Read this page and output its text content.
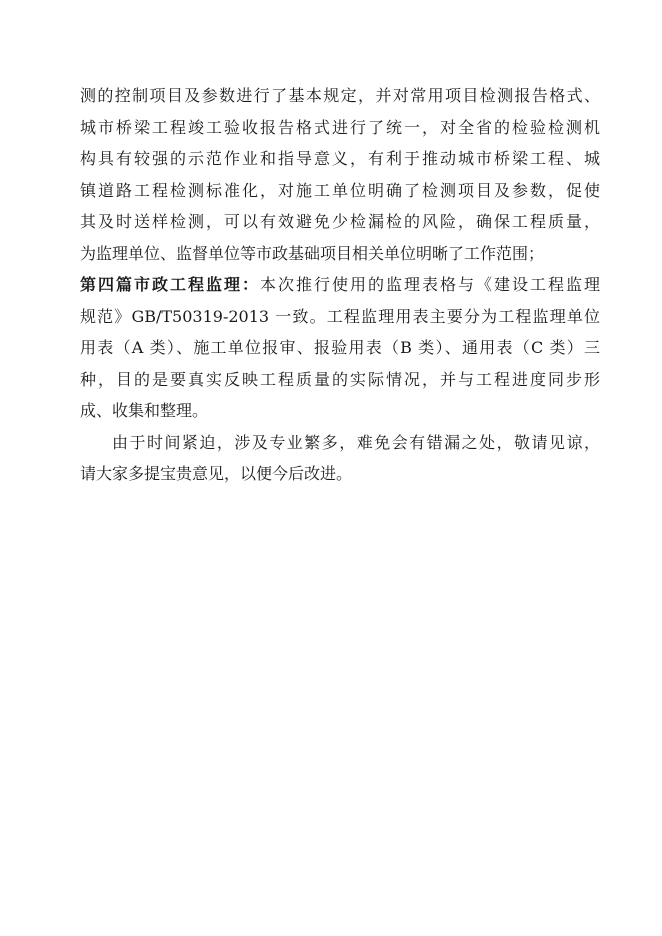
测的控制项目及参数进行了基本规定，并对常用项目检测报告格式、
城市桥梁工程竣工验收报告格式进行了统一，对全省的检验检测机
构具有较强的示范作业和指导意义，有利于推动城市桥梁工程、城
镇道路工程检测标准化，对施工单位明确了检测项目及参数，促使
其及时送样检测，可以有效避免少检漏检的风险，确保工程质量，
为监理单位、监督单位等市政基础项目相关单位明晰了工作范围；
第四篇市政工程监理：本次推行使用的监理表格与《建设工程监理
规范》GB/T50319-2013 一致。工程监理用表主要分为工程监理单位
用表（A 类）、施工单位报审、报验用表（B 类）、通用表（C 类）三
种，目的是要真实反映工程质量的实际情况，并与工程进度同步形
成、收集和整理。
由于时间紧迫，涉及专业繁多，难免会有错漏之处，敬请见谅，
请大家多提宝贵意见，以便今后改进。
